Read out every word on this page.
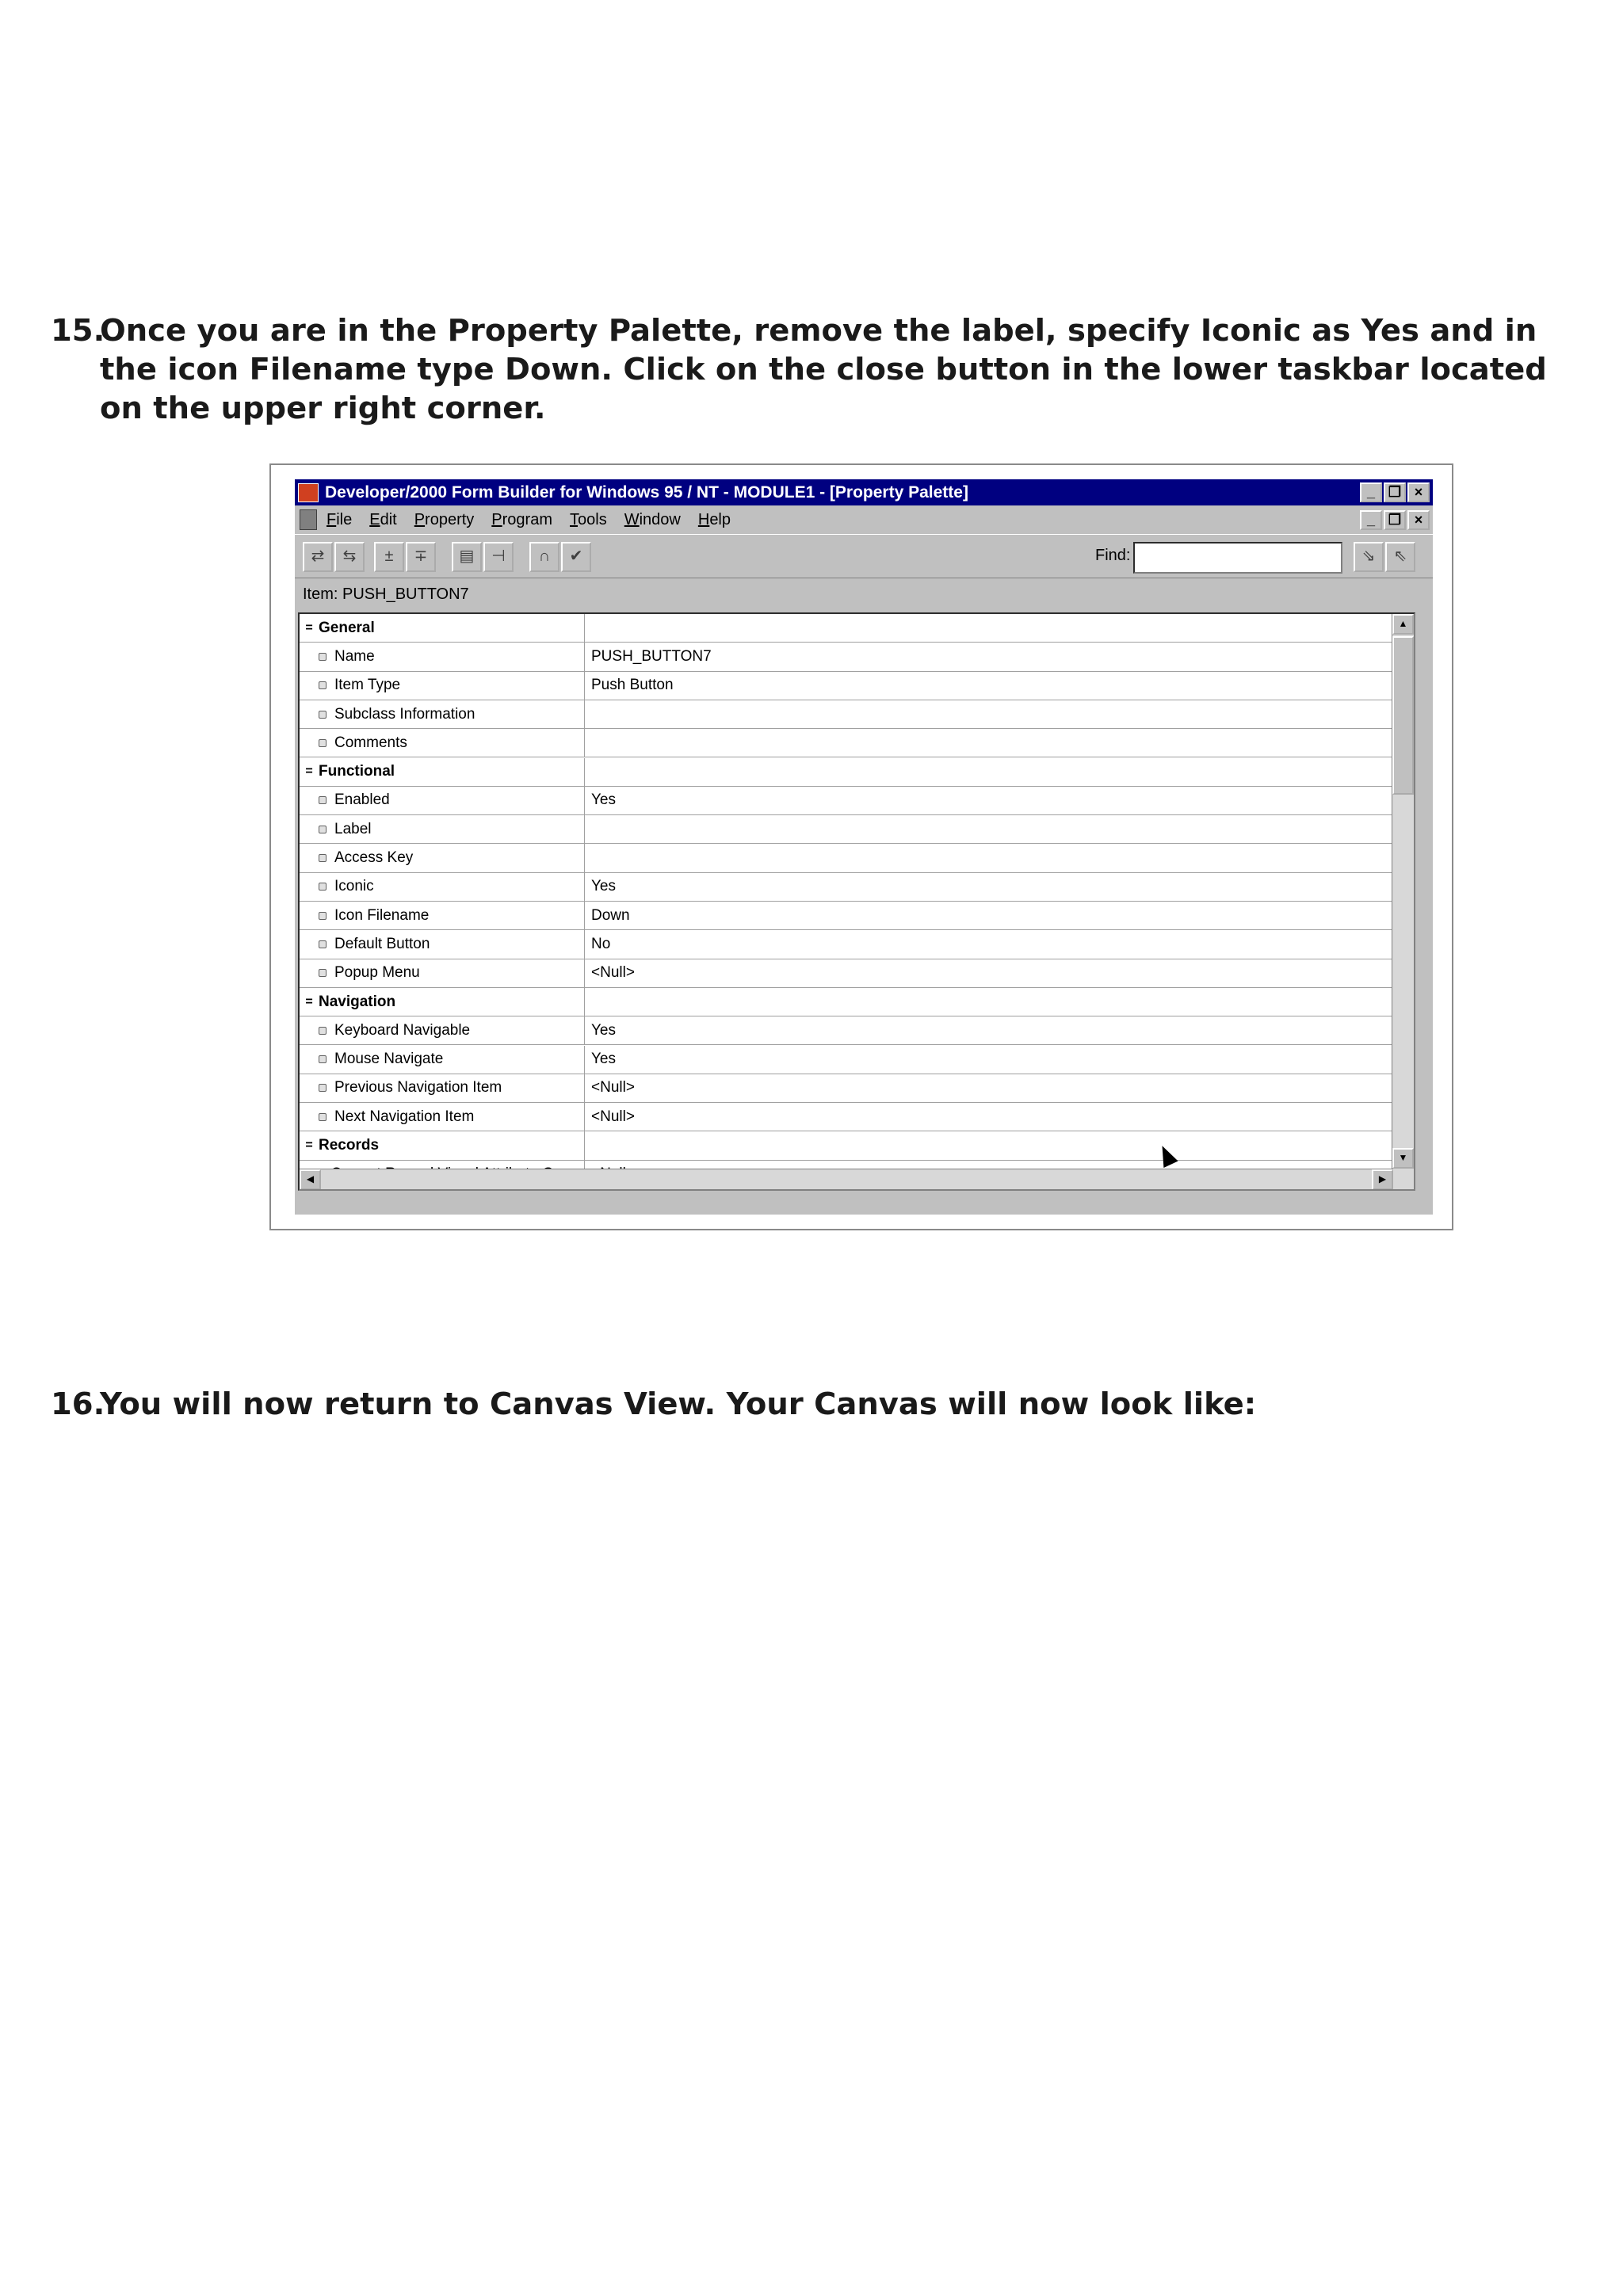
15.
Once you are in the Property Palette, remove the label, specify Iconic as Yes and in the icon Filename type Down. Click on the close button in the lower taskbar located on the upper right corner.
Developer/2000 Form Builder for Windows 95 / NT - MODULE1 - [Property Palette]	_ ❐ ×
File Edit Property Program Tools Window Help	_ ❐ ×
⇄	⇆	±	∓	▤	⊣	∩	✔	Find:	⇘	⇖
Item: PUSH_BUTTON7
= General
Name	PUSH_BUTTON7
Item Type	Push Button
Subclass Information
Comments
= Functional
Enabled	Yes
Label
Access Key
Iconic	Yes
Icon Filename	Down
Default Button	No
Popup Menu	<Null>
= Navigation
Keyboard Navigable	Yes
Mouse Navigate	Yes
Previous Navigation Item	<Null>
Next Navigation Item	<Null>
= Records
▲
▼
◀	▶
16.
You will now return to Canvas View. Your Canvas will now look like:
